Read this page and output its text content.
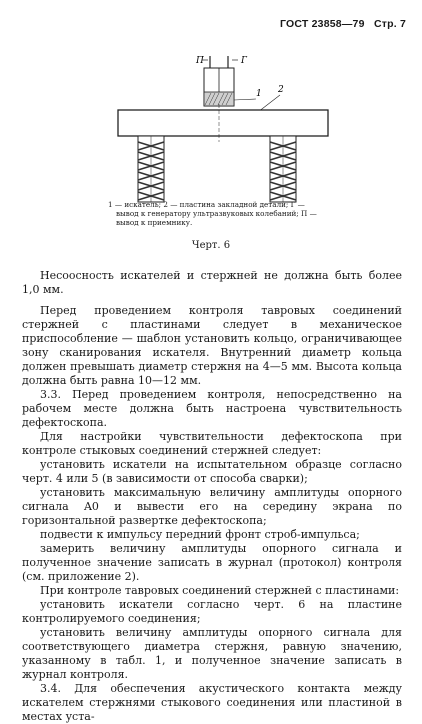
ГОСТ 23858—79 Стр. 7
П	Г
1 2
1 — искатель; 2 — пластина закладной детали; Г —
вывод к генератору ультразвуковых колебаний; П —
вывод к приемнику.
Черт. 6

Несоосность искателей и стержней не должна быть более 1,0 мм.

Перед проведением контроля тавровых соединений стержней с пластинами следует в механическое приспособление — шаблон установить кольцо, ограничивающее зону сканирования искателя. Внутренний диаметр кольца должен превышать диаметр стержня на 4—5 мм. Высота кольца должна быть равна 10—12 мм.

3.3. Перед проведением контроля, непосредственно на рабочем месте должна быть настроена чувствительность дефектоскопа.

Для настройки чувствительности дефектоскопа при контроле стыковых соединений стержней следует:

установить искатели на испытательном образце согласно черт. 4 или 5 (в зависимости от способа сварки);

установить максимальную величину амплитуды опорного сигнала A0 и вывести его на середину экрана по горизонтальной развертке дефектоскопа;

подвести к импульсу передний фронт строб-импульса;

замерить величину амплитуды опорного сигнала и полученное значение записать в журнал (протокол) контроля (см. приложение 2).

При контроле тавровых соединений стержней с пластинами:

установить искатели согласно черт. 6 на пластине контролируемого соединения;

установить величину амплитуды опорного сигнала для соответствующего диаметра стержня, равную значению, указанному в табл. 1, и полученное значение записать в журнал контроля.

3.4. Для обеспечения акустического контакта между искателем стержнями стыкового соединения или пластиной в местах уста-
